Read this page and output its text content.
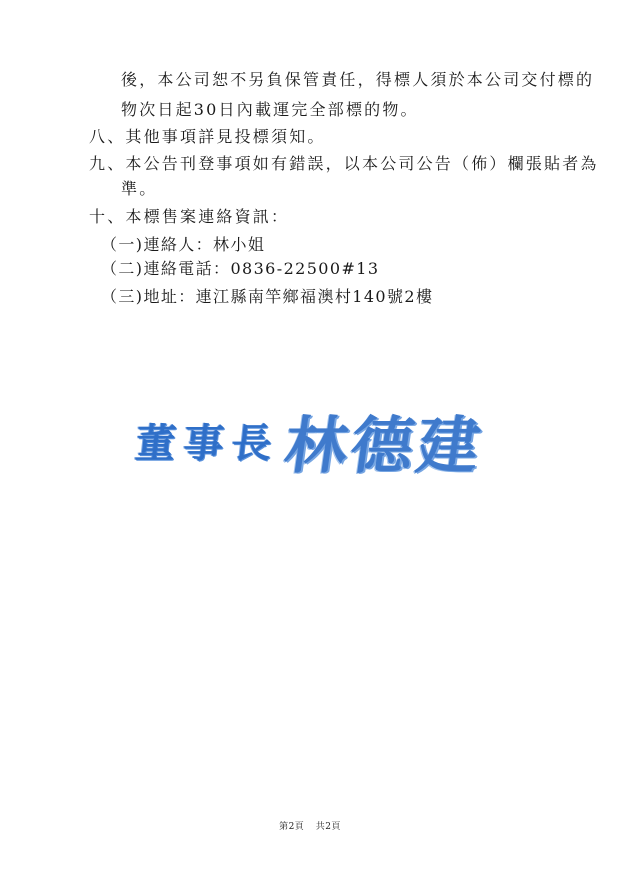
後，本公司恕不另負保管責任，得標人須於本公司交付標的
物次日起30日內載運完全部標的物。
八、其他事項詳見投標須知。
九、本公告刊登事項如有錯誤，以本公司公告（佈）欄張貼者為
準。
十、本標售案連絡資訊：
（一)連絡人：林小姐
（二)連絡電話：0836-22500#13
（三)地址：連江縣南竿鄉福澳村140號2樓
董事長
林德建
第2頁 共2頁
